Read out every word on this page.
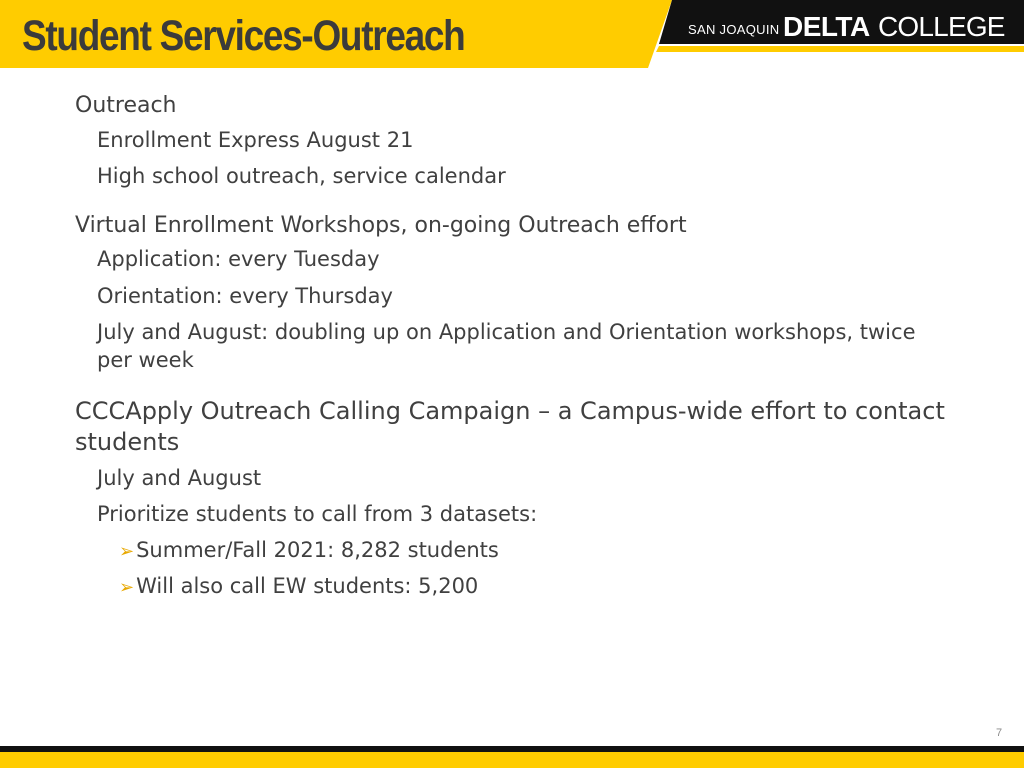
Student Services-Outreach	SAN JOAQUIN DELTA COLLEGE
Outreach
Enrollment Express August 21
High school outreach, service calendar
Virtual Enrollment Workshops, on-going Outreach effort
Application: every Tuesday
Orientation: every Thursday
July and August: doubling up on Application and Orientation workshops, twice
per week
CCCApply Outreach Calling Campaign – a Campus-wide effort to contact
students
July and August
Prioritize students to call from 3 datasets:
➢Summer/Fall 2021: 8,282 students
➢Will also call EW students: 5,200
7
